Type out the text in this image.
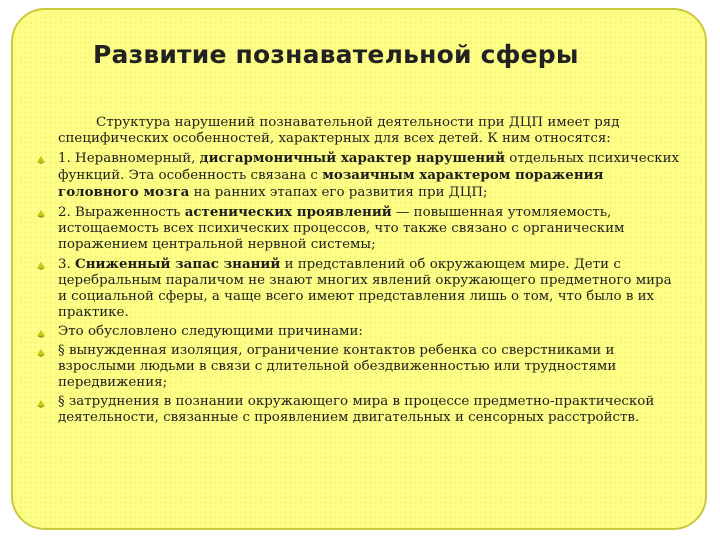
Развитие познавательной сферы
Структура нарушений познавательной деятельности при ДЦП имеет ряд специфических особенностей, характерных для всех детей. К ним относятся:
1. Неравномерный, дисгармоничный характер нарушений отдельных психических функций. Эта особенность связана с мозаичным характером поражения головного мозга на ранних этапах его развития при ДЦП;
2. Выраженность астенических проявлений — повышенная утомляемость, истощаемость всех психических процессов, что также связано с органическим поражением центральной нервной системы;
3. Сниженный запас знаний и представлений об окружающем мире. Дети с церебральным параличом не знают многих явлений окружающего предметного мира и социальной сферы, а чаще всего имеют представления лишь о том, что было в их практике.
Это обусловлено следующими причинами:
§ вынужденная изоляция, ограничение контактов ребенка со сверстниками и взрослыми людьми в связи с длительной обездвиженностью или трудностями передвижения;
§ затруднения в познании окружающего мира в процессе предметно-практической деятельности, связанные с проявлением двигательных и сенсорных расстройств.
